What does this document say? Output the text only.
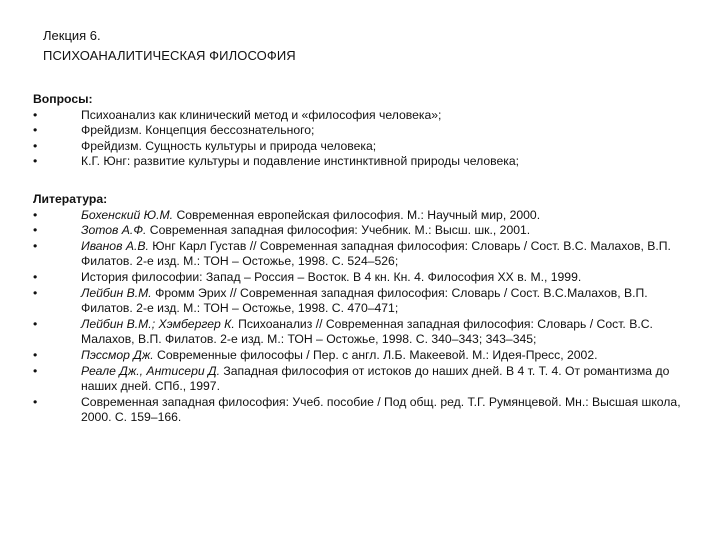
Лекция 6.
ПСИХОАНАЛИТИЧЕСКАЯ ФИЛОСОФИЯ
Вопросы:
•	Психоанализ как клинический метод и «философия человека»;
•	Фрейдизм. Концепция бессознательного;
•	Фрейдизм. Сущность культуры и природа человека;
•	К.Г. Юнг: развитие культуры и подавление инстинктивной природы человека;
Литература:
•	Бохенский Ю.М. Современная европейская философия. М.: Научный мир, 2000.
•	Зотов А.Ф. Современная западная философия: Учебник. М.: Высш. шк., 2001.
•	Иванов А.В. Юнг Карл Густав // Современная западная философия: Словарь / Сост. В.С. Малахов, В.П. Филатов. 2-е изд. М.: ТОН – Остожье, 1998. С. 524–526;
•	История философии: Запад – Россия – Восток. В 4 кн. Кн. 4. Философия XX в. М., 1999.
•	Лейбин В.М. Фромм Эрих // Современная западная философия: Словарь / Сост. В.С.Малахов, В.П. Филатов. 2-е изд. М.: ТОН – Остожье, 1998. С. 470–471;
•	Лейбин В.М.; Хэмбергер К. Психоанализ // Современная западная философия: Словарь / Сост. В.С. Малахов, В.П. Филатов. 2-е изд. М.: ТОН – Остожье, 1998. С. 340–343; 343–345;
•	Пэссмор Дж. Современные философы / Пер. с англ. Л.Б. Макеевой. М.: Идея-Пресс, 2002.
•	Реале Дж., Антисери Д. Западная философия от истоков до наших дней. В 4 т. Т. 4. От романтизма до наших дней. СПб., 1997.
•	Современная западная философия: Учеб. пособие / Под общ. ред. Т.Г. Румянцевой. Мн.: Высшая школа, 2000. С. 159–166.
